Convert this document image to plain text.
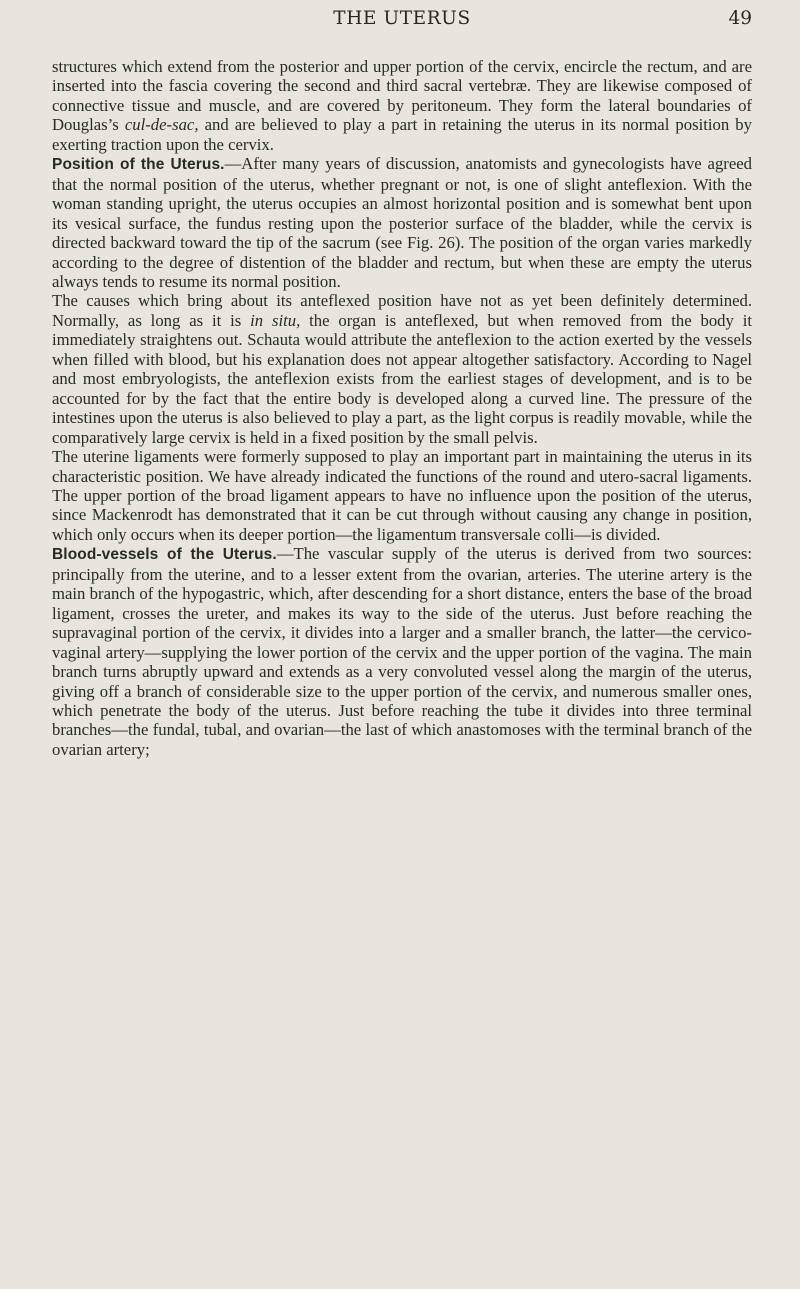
THE UTERUS	49

structures which extend from the posterior and upper portion of the cervix, encircle the rectum, and are inserted into the fascia covering the second and third sacral vertebræ. They are likewise composed of connective tissue and muscle, and are covered by peritoneum. They form the lateral boundaries of Douglas’s cul-de-sac, and are believed to play a part in retaining the uterus in its normal position by exerting traction upon the cervix.

Position of the Uterus.—After many years of discussion, anatomists and gynecologists have agreed that the normal position of the uterus, whether pregnant or not, is one of slight anteflexion. With the woman standing upright, the uterus occupies an almost horizontal position and is somewhat bent upon its vesical surface, the fundus resting upon the posterior surface of the bladder, while the cervix is directed backward toward the tip of the sacrum (see Fig. 26). The position of the organ varies markedly according to the degree of distention of the bladder and rectum, but when these are empty the uterus always tends to resume its normal position.

The causes which bring about its anteflexed position have not as yet been definitely determined. Normally, as long as it is in situ, the organ is anteflexed, but when removed from the body it immediately straightens out. Schauta would attribute the anteflexion to the action exerted by the vessels when filled with blood, but his explanation does not appear altogether satisfactory. According to Nagel and most embryologists, the anteflexion exists from the earliest stages of development, and is to be accounted for by the fact that the entire body is developed along a curved line. The pressure of the intestines upon the uterus is also believed to play a part, as the light corpus is readily movable, while the comparatively large cervix is held in a fixed position by the small pelvis.

The uterine ligaments were formerly supposed to play an important part in maintaining the uterus in its characteristic position. We have already indicated the functions of the round and utero-sacral ligaments. The upper portion of the broad ligament appears to have no influence upon the position of the uterus, since Mackenrodt has demonstrated that it can be cut through without causing any change in position, which only occurs when its deeper portion—the ligamentum transversale colli—is divided.

Blood-vessels of the Uterus.—The vascular supply of the uterus is derived from two sources: principally from the uterine, and to a lesser extent from the ovarian, arteries. The uterine artery is the main branch of the hypogastric, which, after descending for a short distance, enters the base of the broad ligament, crosses the ureter, and makes its way to the side of the uterus. Just before reaching the supravaginal portion of the cervix, it divides into a larger and a smaller branch, the latter—the cervico-vaginal artery—supplying the lower portion of the cervix and the upper portion of the vagina. The main branch turns abruptly upward and extends as a very convoluted vessel along the margin of the uterus, giving off a branch of considerable size to the upper portion of the cervix, and numerous smaller ones, which penetrate the body of the uterus. Just before reaching the tube it divides into three terminal branches—the fundal, tubal, and ovarian—the last of which anastomoses with the terminal branch of the ovarian artery;
